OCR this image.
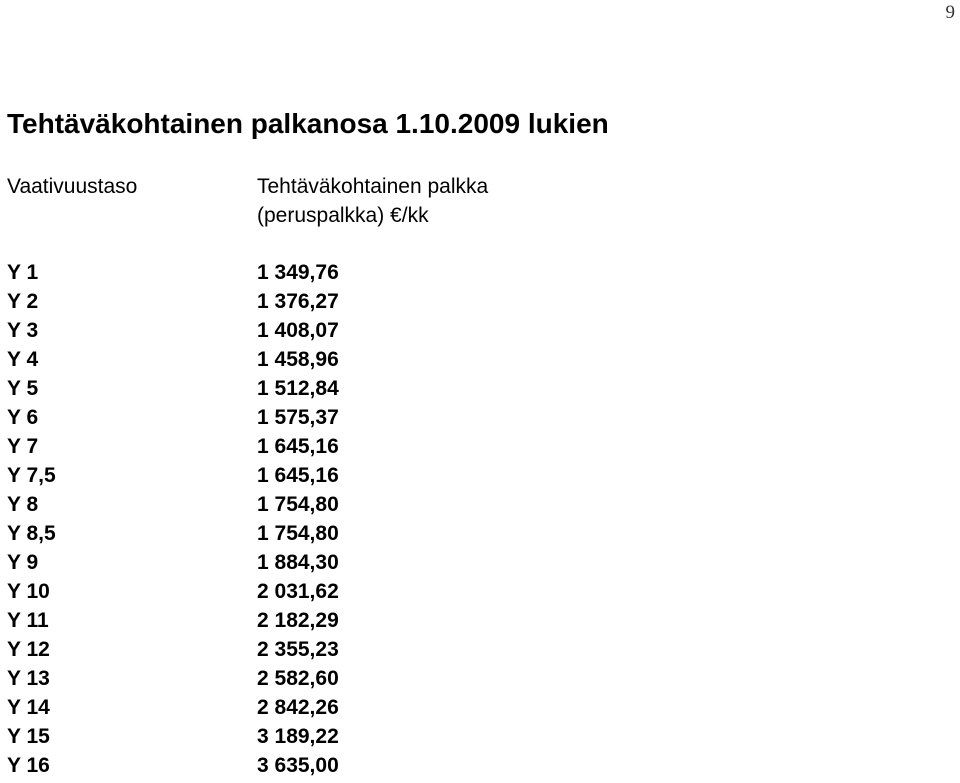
9
Tehtäväkohtainen palkanosa 1.10.2009 lukien
Vaativuustaso	Tehtäväkohtainen palkka
(peruspalkka) €/kk
Y 1	1 349,76
Y 2	1 376,27
Y 3	1 408,07
Y 4	1 458,96
Y 5	1 512,84
Y 6	1 575,37
Y 7	1 645,16
Y 7,5	1 645,16
Y 8	1 754,80
Y 8,5	1 754,80
Y 9	1 884,30
Y 10	2 031,62
Y 11	2 182,29
Y 12	2 355,23
Y 13	2 582,60
Y 14	2 842,26
Y 15	3 189,22
Y 16	3 635,00
